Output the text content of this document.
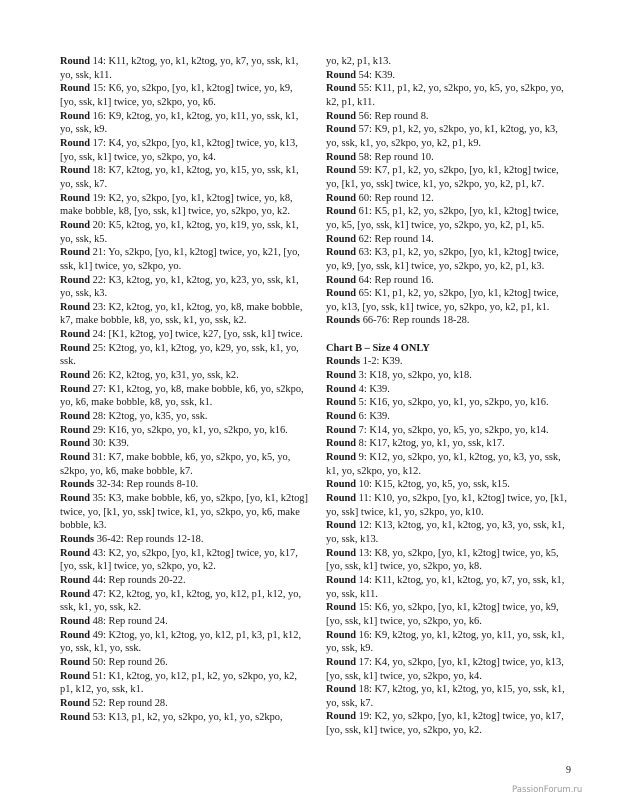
Round 14: K11, k2tog, yo, k1, k2tog, yo, k7, yo, ssk, k1, yo, ssk, k11.

Round 15: K6, yo, s2kpo, [yo, k1, k2tog] twice, yo, k9, [yo, ssk, k1] twice, yo, s2kpo, yo, k6.

Round 16: K9, k2tog, yo, k1, k2tog, yo, k11, yo, ssk, k1, yo, ssk, k9.

Round 17: K4, yo, s2kpo, [yo, k1, k2tog] twice, yo, k13, [yo, ssk, k1] twice, yo, s2kpo, yo, k4.

Round 18: K7, k2tog, yo, k1, k2tog, yo, k15, yo, ssk, k1, yo, ssk, k7.

Round 19: K2, yo, s2kpo, [yo, k1, k2tog] twice, yo, k8, make bobble, k8, [yo, ssk, k1] twice, yo, s2kpo, yo, k2.

Round 20: K5, k2tog, yo, k1, k2tog, yo, k19, yo, ssk, k1, yo, ssk, k5.

Round 21: Yo, s2kpo, [yo, k1, k2tog] twice, yo, k21, [yo, ssk, k1] twice, yo, s2kpo, yo.

Round 22: K3, k2tog, yo, k1, k2tog, yo, k23, yo, ssk, k1, yo, ssk, k3.

Round 23: K2, k2tog, yo, k1, k2tog, yo, k8, make bobble, k7, make bobble, k8, yo, ssk, k1, yo, ssk, k2.

Round 24: [K1, k2tog, yo] twice, k27, [yo, ssk, k1] twice.

Round 25: K2tog, yo, k1, k2tog, yo, k29, yo, ssk, k1, yo, ssk.

Round 26: K2, k2tog, yo, k31, yo, ssk, k2.

Round 27: K1, k2tog, yo, k8, make bobble, k6, yo, s2kpo, yo, k6, make bobble, k8, yo, ssk, k1.

Round 28: K2tog, yo, k35, yo, ssk.

Round 29: K16, yo, s2kpo, yo, k1, yo, s2kpo, yo, k16.

Round 30: K39.

Round 31: K7, make bobble, k6, yo, s2kpo, yo, k5, yo, s2kpo, yo, k6, make bobble, k7.

Rounds 32-34: Rep rounds 8-10.

Round 35: K3, make bobble, k6, yo, s2kpo, [yo, k1, k2tog] twice, yo, [k1, yo, ssk] twice, k1, yo, s2kpo, yo, k6, make bobble, k3.

Rounds 36-42: Rep rounds 12-18.

Round 43: K2, yo, s2kpo, [yo, k1, k2tog] twice, yo, k17, [yo, ssk, k1] twice, yo, s2kpo, yo, k2.

Round 44: Rep rounds 20-22.

Round 47: K2, k2tog, yo, k1, k2tog, yo, k12, p1, k12, yo, ssk, k1, yo, ssk, k2.

Round 48: Rep round 24.

Round 49: K2tog, yo, k1, k2tog, yo, k12, p1, k3, p1, k12, yo, ssk, k1, yo, ssk.

Round 50: Rep round 26.

Round 51: K1, k2tog, yo, k12, p1, k2, yo, s2kpo, yo, k2, p1, k12, yo, ssk, k1.

Round 52: Rep round 28.

Round 53: K13, p1, k2, yo, s2kpo, yo, k1, yo, s2kpo,

yo, k2, p1, k13.

Round 54: K39.

Round 55: K11, p1, k2, yo, s2kpo, yo, k5, yo, s2kpo, yo, k2, p1, k11.

Round 56: Rep round 8.

Round 57: K9, p1, k2, yo, s2kpo, yo, k1, k2tog, yo, k3, yo, ssk, k1, yo, s2kpo, yo, k2, p1, k9.

Round 58: Rep round 10.

Round 59: K7, p1, k2, yo, s2kpo, [yo, k1, k2tog] twice, yo, [k1, yo, ssk] twice, k1, yo, s2kpo, yo, k2, p1, k7.

Round 60: Rep round 12.

Round 61: K5, p1, k2, yo, s2kpo, [yo, k1, k2tog] twice, yo, k5, [yo, ssk, k1] twice, yo, s2kpo, yo, k2, p1, k5.

Round 62: Rep round 14.

Round 63: K3, p1, k2, yo, s2kpo, [yo, k1, k2tog] twice, yo, k9, [yo, ssk, k1] twice, yo, s2kpo, yo, k2, p1, k3.

Round 64: Rep round 16.

Round 65: K1, p1, k2, yo, s2kpo, [yo, k1, k2tog] twice, yo, k13, [yo, ssk, k1] twice, yo, s2kpo, yo, k2, p1, k1.

Rounds 66-76: Rep rounds 18-28.

Chart B – Size 4 ONLY

Rounds 1-2: K39.

Round 3: K18, yo, s2kpo, yo, k18.

Round 4: K39.

Round 5: K16, yo, s2kpo, yo, k1, yo, s2kpo, yo, k16.

Round 6: K39.

Round 7: K14, yo, s2kpo, yo, k5, yo, s2kpo, yo, k14.

Round 8: K17, k2tog, yo, k1, yo, ssk, k17.

Round 9: K12, yo, s2kpo, yo, k1, k2tog, yo, k3, yo, ssk, k1, yo, s2kpo, yo, k12.

Round 10: K15, k2tog, yo, k5, yo, ssk, k15.

Round 11: K10, yo, s2kpo, [yo, k1, k2tog] twice, yo, [k1, yo, ssk] twice, k1, yo, s2kpo, yo, k10.

Round 12: K13, k2tog, yo, k1, k2tog, yo, k3, yo, ssk, k1, yo, ssk, k13.

Round 13: K8, yo, s2kpo, [yo, k1, k2tog] twice, yo, k5, [yo, ssk, k1] twice, yo, s2kpo, yo, k8.

Round 14: K11, k2tog, yo, k1, k2tog, yo, k7, yo, ssk, k1, yo, ssk, k11.

Round 15: K6, yo, s2kpo, [yo, k1, k2tog] twice, yo, k9, [yo, ssk, k1] twice, yo, s2kpo, yo, k6.

Round 16: K9, k2tog, yo, k1, k2tog, yo, k11, yo, ssk, k1, yo, ssk, k9.

Round 17: K4, yo, s2kpo, [yo, k1, k2tog] twice, yo, k13, [yo, ssk, k1] twice, yo, s2kpo, yo, k4.

Round 18: K7, k2tog, yo, k1, k2tog, yo, k15, yo, ssk, k1, yo, ssk, k7.

Round 19: K2, yo, s2kpo, [yo, k1, k2tog] twice, yo, k17, [yo, ssk, k1] twice, yo, s2kpo, yo, k2.

9
PassionForum.ru
